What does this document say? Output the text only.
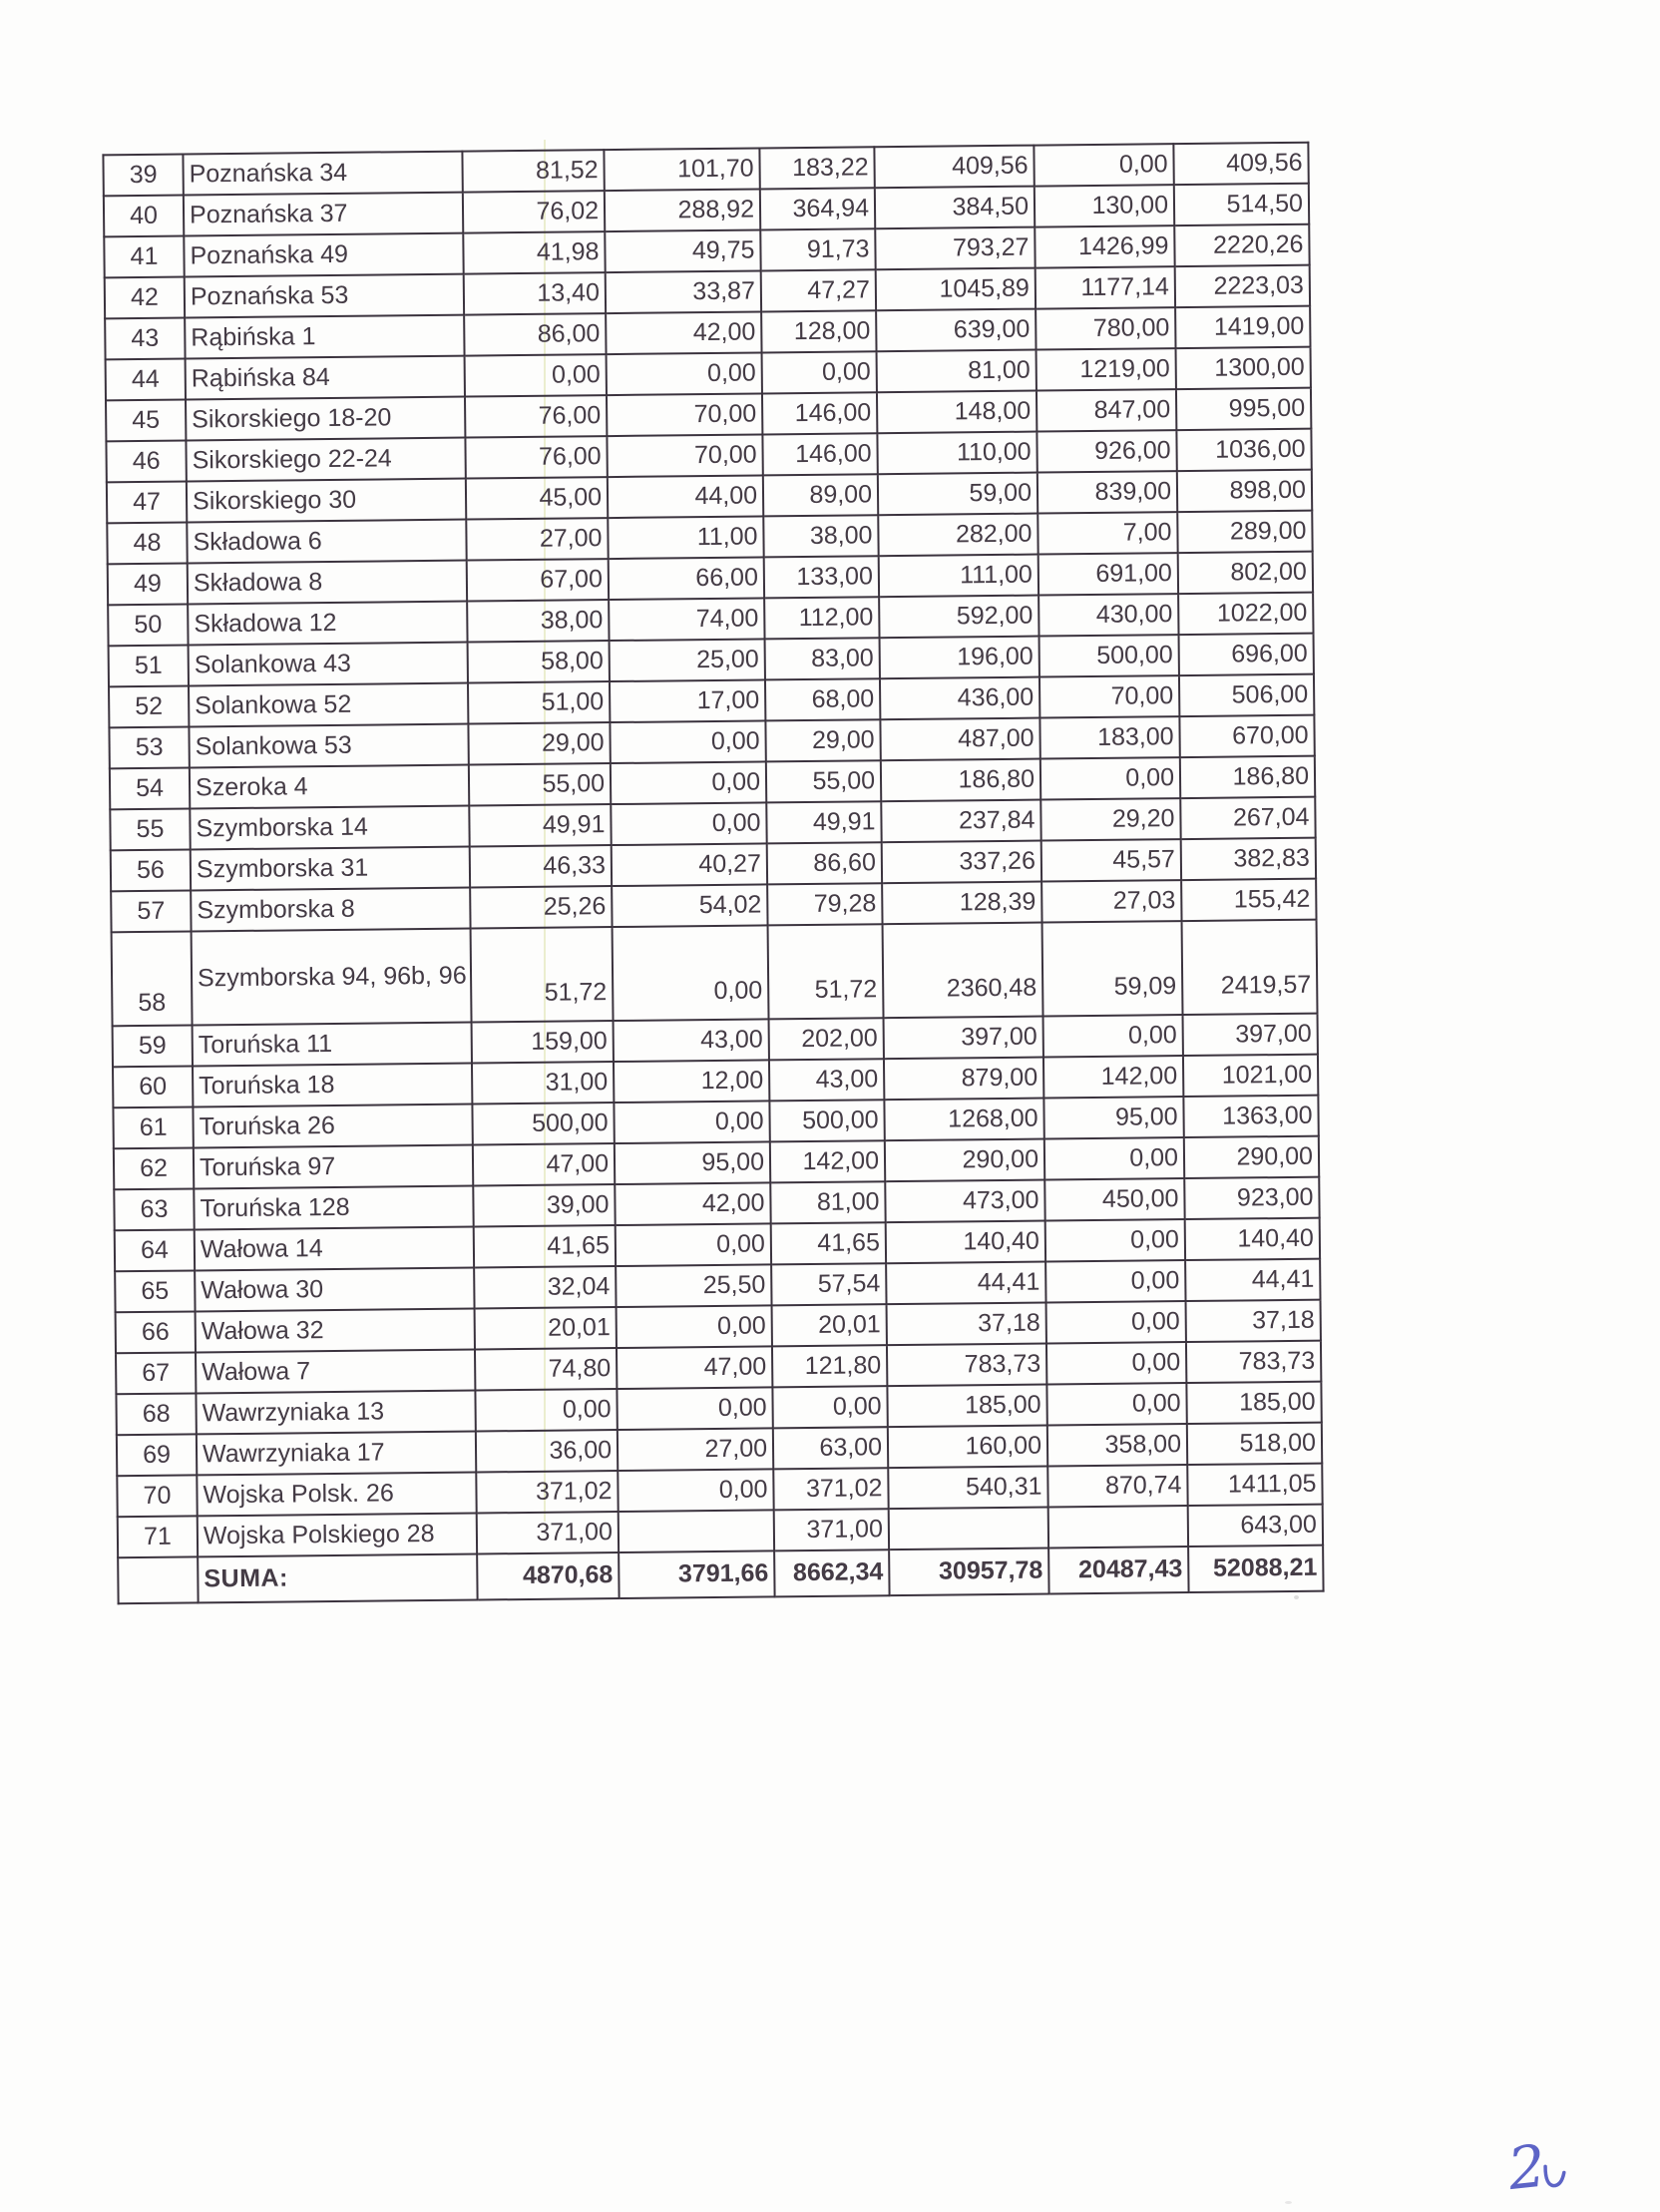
39	Poznańska 34	81,52	101,70	183,22	409,56	0,00	409,56
40	Poznańska 37	76,02	288,92	364,94	384,50	130,00	514,50
41	Poznańska 49	41,98	49,75	91,73	793,27	1426,99	2220,26
42	Poznańska 53	13,40	33,87	47,27	1045,89	1177,14	2223,03
43	Rąbińska 1	86,00	42,00	128,00	639,00	780,00	1419,00
44	Rąbińska 84	0,00	0,00	0,00	81,00	1219,00	1300,00
45	Sikorskiego 18-20	76,00	70,00	146,00	148,00	847,00	995,00
46	Sikorskiego 22-24	76,00	70,00	146,00	110,00	926,00	1036,00
47	Sikorskiego 30	45,00	44,00	89,00	59,00	839,00	898,00
48	Składowa 6	27,00	11,00	38,00	282,00	7,00	289,00
49	Składowa 8	67,00	66,00	133,00	111,00	691,00	802,00
50	Składowa 12	38,00	74,00	112,00	592,00	430,00	1022,00
51	Solankowa 43	58,00	25,00	83,00	196,00	500,00	696,00
52	Solankowa 52	51,00	17,00	68,00	436,00	70,00	506,00
53	Solankowa 53	29,00	0,00	29,00	487,00	183,00	670,00
54	Szeroka 4	55,00	0,00	55,00	186,80	0,00	186,80
55	Szymborska 14	49,91	0,00	49,91	237,84	29,20	267,04
56	Szymborska 31	46,33	40,27	86,60	337,26	45,57	382,83
57	Szymborska 8	25,26	54,02	79,28	128,39	27,03	155,42
58	Szymborska 94, 96b, 96	51,72	0,00	51,72	2360,48	59,09	2419,57
59	Toruńska 11	159,00	43,00	202,00	397,00	0,00	397,00
60	Toruńska 18	31,00	12,00	43,00	879,00	142,00	1021,00
61	Toruńska 26	500,00	0,00	500,00	1268,00	95,00	1363,00
62	Toruńska 97	47,00	95,00	142,00	290,00	0,00	290,00
63	Toruńska 128	39,00	42,00	81,00	473,00	450,00	923,00
64	Wałowa 14	41,65	0,00	41,65	140,40	0,00	140,40
65	Wałowa 30	32,04	25,50	57,54	44,41	0,00	44,41
66	Wałowa 32	20,01	0,00	20,01	37,18	0,00	37,18
67	Wałowa 7	74,80	47,00	121,80	783,73	0,00	783,73
68	Wawrzyniaka 13	0,00	0,00	0,00	185,00	0,00	185,00
69	Wawrzyniaka 17	36,00	27,00	63,00	160,00	358,00	518,00
70	Wojska Polsk. 26	371,02	0,00	371,02	540,31	870,74	1411,05
71	Wojska Polskiego 28	371,00		371,00			643,00
	SUMA:	4870,68	3791,66	8662,34	30957,78	20487,43	52088,21
2
